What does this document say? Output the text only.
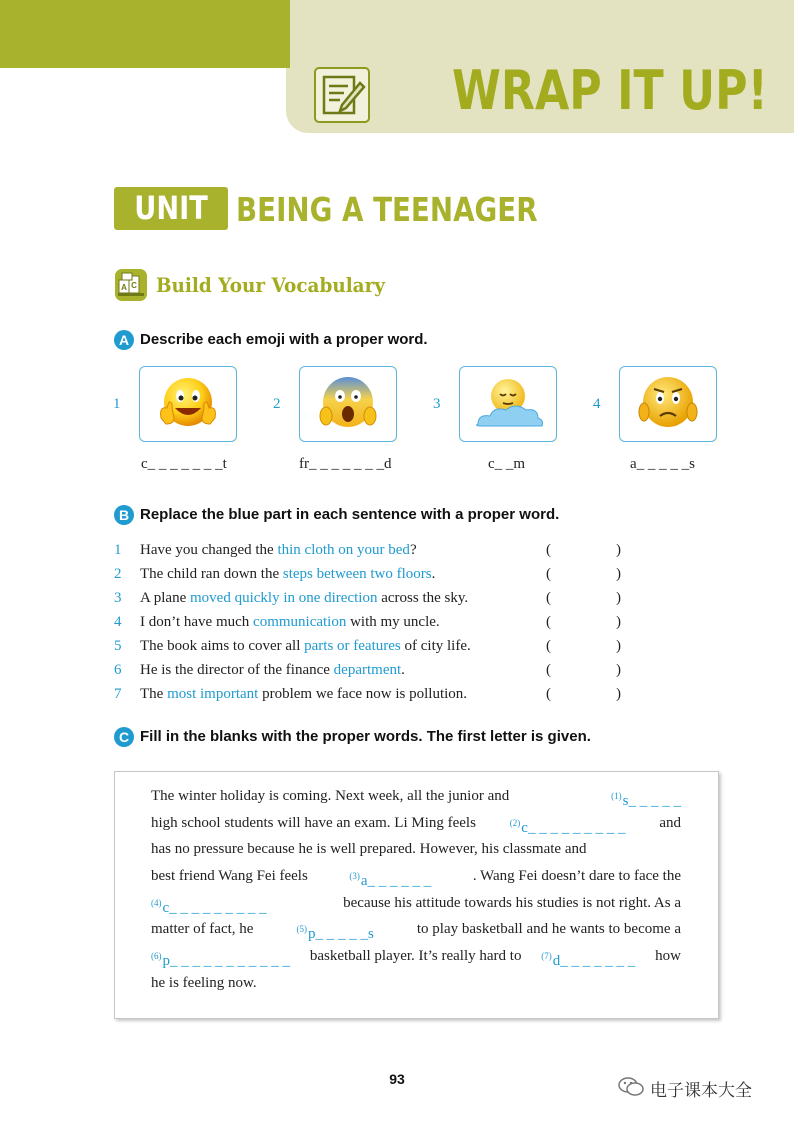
WRAP IT UP!
UNIT 1
BEING A TEENAGER
A C Build Your Vocabulary
A Describe each emoji with a proper word.
1
c_ _ _ _ _ _ _t
2
fr_ _ _ _ _ _ _d
3
c_ _m
4
a_ _ _ _ _s
B Replace the blue part in each sentence with a proper word.
1 Have you changed the thin cloth on your bed?	(	)
2 The child ran down the steps between two floors.	(	)
3 A plane moved quickly in one direction across the sky.	(	)
4 I don’t have much communication with my uncle.	(	)
5 The book aims to cover all parts or features of city life.	(	)
6 He is the director of the finance department.	(	)
7 The most important problem we face now is pollution.	(	)
C Fill in the blanks with the proper words. The first letter is given.
The winter holiday is coming. Next week, all the junior and	$^{(1)}$s_ _ _ _ _
high school students will have an exam. Li Ming feels	$^{(2)}$c_ _ _ _ _ _ _ _ _ and
has no pressure because he is well prepared. However, his classmate and
best friend Wang Fei feels	$^{(3)}$a_ _ _ _ _ _	. Wang Fei doesn’t dare to face the
$^{(4)}$c_ _ _ _ _ _ _ _ _	because his attitude towards his studies is not right. As a
matter of fact, he	$^{(5)}$p_ _ _ _ _s	to play basketball and he wants to become a
$^{(6)}$p_ _ _ _ _ _ _ _ _ _ _ basketball player. It’s really hard to $^{(7)}$d_ _ _ _ _ _ _ how
he is feeling now.
93
电子课本大全
